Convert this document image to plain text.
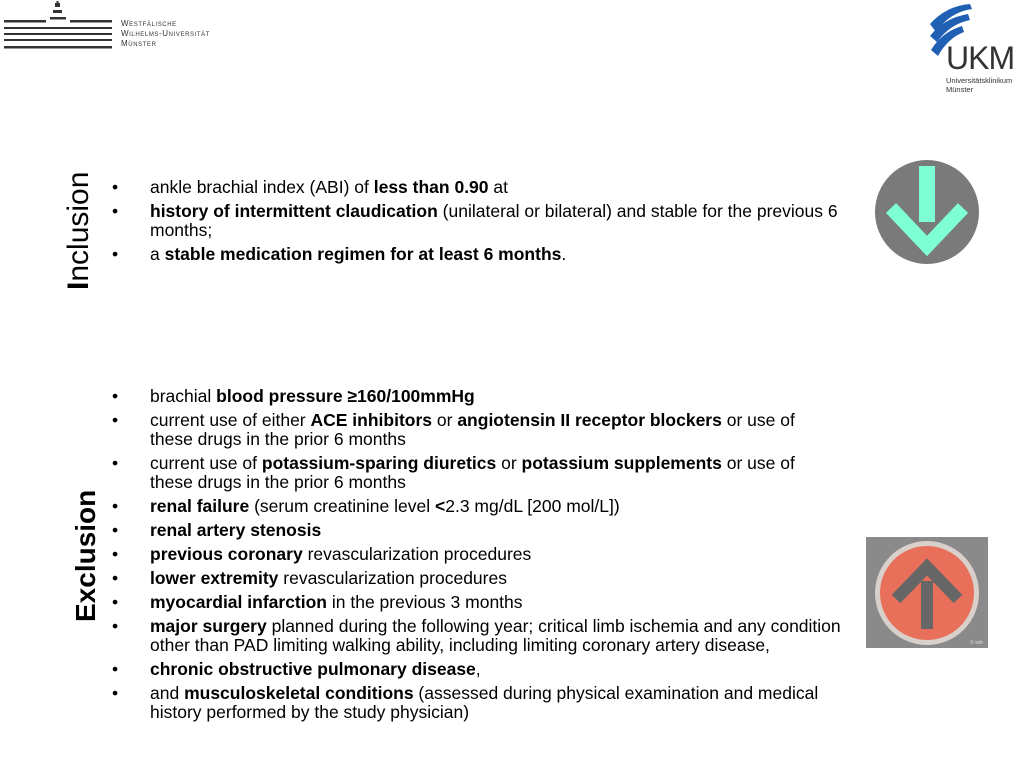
Westfälische
Wilhelms-Universität
Münster	UKM
Universitätsklinikum
Münster
Inclusion
•	ankle brachial index (ABI) of less than 0.90 at
• history of intermittent claudication (unilateral or bilateral) and stable for the previous 6 months;
• a stable medication regimen for at least 6 months.
Exclusion
• brachial blood pressure ≥160/100mmHg
• current use of either ACE inhibitors or angiotensin II receptor blockers or use of these drugs in the prior 6 months
• current use of potassium-sparing diuretics or potassium supplements or use of these drugs in the prior 6 months
• renal failure (serum creatinine level <2.3 mg/dL [200 mol/L])
• renal artery stenosis
• previous coronary revascularization procedures
• lower extremity revascularization procedures
• myocardial infarction in the previous 3 months
• major surgery planned during the following year; critical limb ischemia and any condition other than PAD limiting walking ability, including limiting coronary artery disease,
• chronic obstructive pulmonary disease,
• and musculoskeletal conditions (assessed during physical examination and medical history performed by the study physician)
© wdr
